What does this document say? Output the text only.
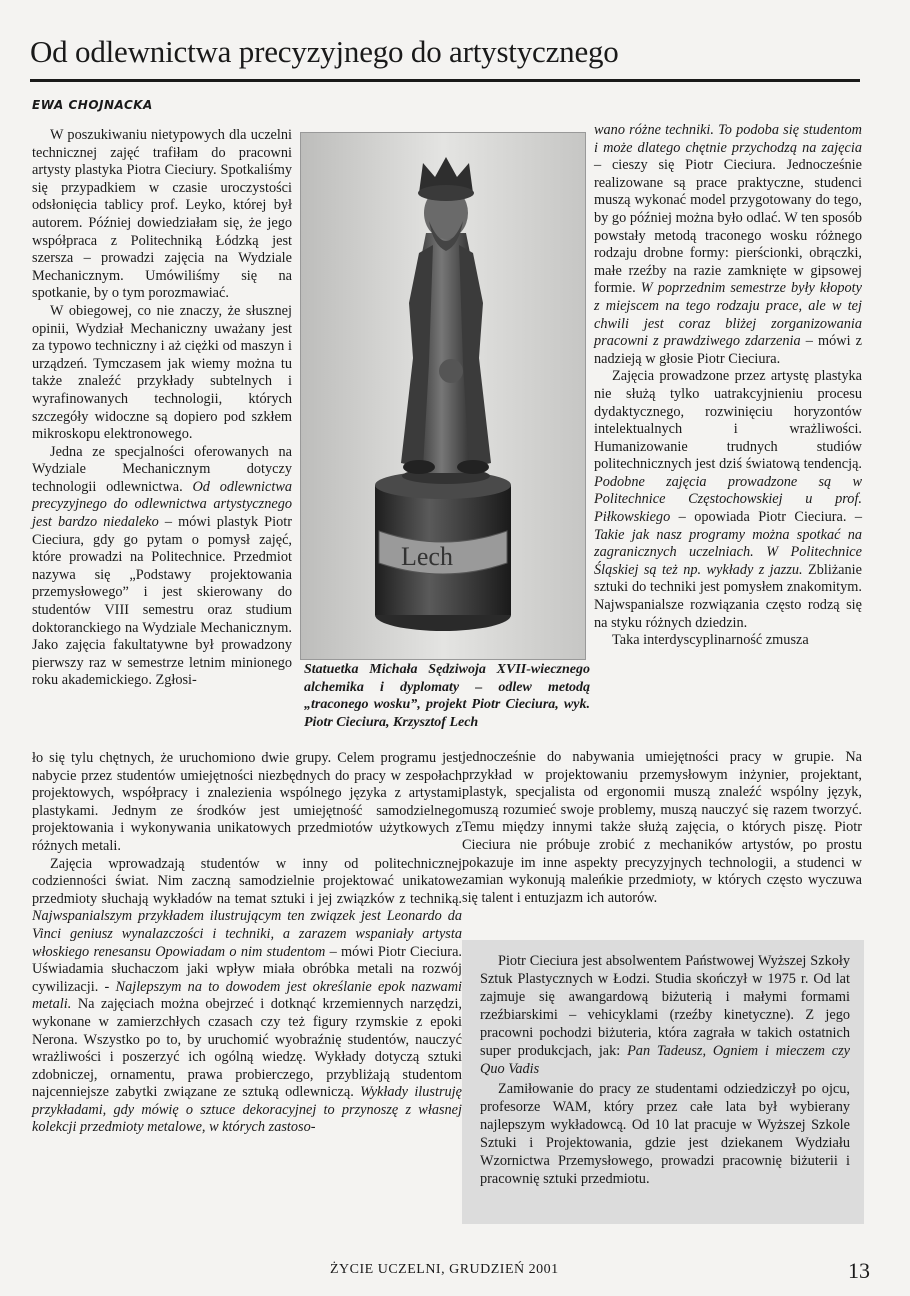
Od odlewnictwa precyzyjnego do artystycznego
EWA CHOJNACKA

W poszukiwaniu nietypowych dla uczelni technicznej zajęć trafiłam do pracowni artysty plastyka Piotra Cieciury. Spotkaliśmy się przypadkiem w czasie uroczystości odsłonięcia tablicy prof. Leyko, której był autorem. Później dowiedziałam się, że jego współpraca z Politechniką Łódzką jest szersza – prowadzi zajęcia na Wydziale Mechanicznym. Umówiliśmy się na spotkanie, by o tym porozmawiać.

W obiegowej, co nie znaczy, że słusznej opinii, Wydział Mechaniczny uważany jest za typowo techniczny i aż ciężki od maszyn i urządzeń. Tymczasem jak wiemy można tu także znaleźć przykłady subtelnych i wyrafinowanych technologii, których szczegóły widoczne są dopiero pod szkłem mikroskopu elektronowego.

Jedna ze specjalności oferowanych na Wydziale Mechanicznym dotyczy technologii odlewnictwa. Od odlewnictwa precyzyjnego do odlewnictwa artystycznego jest bardzo niedaleko – mówi plastyk Piotr Cieciura, gdy go pytam o pomysł zajęć, które prowadzi na Politechnice. Przedmiot nazywa się „Podstawy projektowania przemysłowego” i jest skierowany do studentów VIII semestru oraz studium doktoranckiego na Wydziale Mechanicznym. Jako zajęcia fakultatywne był prowadzony pierwszy raz w semestrze letnim minionego roku akademickiego. Zgłosi-

Lech
Statuetka Michała Sędziwoja XVII-wiecznego alchemika i dyplomaty – odlew metodą „traconego wosku”, projekt Piotr Cieciura, wyk. Piotr Cieciura, Krzysztof Lech

wano różne techniki. To podoba się studentom i może dlatego chętnie przychodzą na zajęcia – cieszy się Piotr Cieciura. Jednocześnie realizowane są prace praktyczne, studenci muszą wykonać model przygotowany do tego, by go później można było odlać. W ten sposób powstały metodą traconego wosku różnego rodzaju drobne formy: pierścionki, obrączki, małe rzeźby na razie zamknięte w gipsowej formie. W poprzednim semestrze były kłopoty z miejscem na tego rodzaju prace, ale w tej chwili jest coraz bliżej zorganizowania pracowni z prawdziwego zdarzenia – mówi z nadzieją w głosie Piotr Cieciura.

Zajęcia prowadzone przez artystę plastyka nie służą tylko uatrakcyjnieniu procesu dydaktycznego, rozwinięciu horyzontów intelektualnych i wrażliwości. Humanizowanie trudnych studiów politechnicznych jest dziś światową tendencją. Podobne zajęcia prowadzone są w Politechnice Częstochowskiej u prof. Piłkowskiego – opowiada Piotr Cieciura. – Takie jak nasz programy można spotkać na zagranicznych uczelniach. W Politechnice Śląskiej są też np. wykłady z jazzu. Zbliżanie sztuki do techniki jest pomysłem znakomitym. Najwspanialsze rozwiązania często rodzą się na styku różnych dziedzin.

Taka interdyscyplinarność zmusza

ło się tylu chętnych, że uruchomiono dwie grupy. Celem programu jest nabycie przez studentów umiejętności niezbędnych do pracy w zespołach projektowych, współpracy i znalezienia wspólnego języka z artystami plastykami. Jednym ze środków jest umiejętność samodzielnego projektowania i wykonywania unikatowych przedmiotów użytkowych z różnych metali.

Zajęcia wprowadzają studentów w inny od politechnicznej codzienności świat. Nim zaczną samodzielnie projektować unikatowe przedmioty słuchają wykładów na temat sztuki i jej związków z techniką. Najwspanialszym przykładem ilustrującym ten związek jest Leonardo da Vinci geniusz wynalazczości i techniki, a zarazem wspaniały artysta włoskiego renesansu Opowiadam o nim studentom – mówi Piotr Cieciura. Uświadamia słuchaczom jaki wpływ miała obróbka metali na rozwój cywilizacji. - Najlepszym na to dowodem jest określanie epok nazwami metali. Na zajęciach można obejrzeć i dotknąć krzemiennych narzędzi, wykonane w zamierzchłych czasach czy też figury rzymskie z epoki Nerona. Wszystko po to, by uruchomić wyobraźnię studentów, nauczyć wrażliwości i poszerzyć ich ogólną wiedzę. Wykłady dotyczą sztuki zdobniczej, ornamentu, prawa probierczego, przybliżają studentom najcenniejsze zabytki związane ze sztuką odlewniczą. Wykłady ilustruję przykładami, gdy mówię o sztuce dekoracyjnej to przynoszę z własnej kolekcji przedmioty metalowe, w których zastoso-

jednocześnie do nabywania umiejętności pracy w grupie. Na przykład w projektowaniu przemysłowym inżynier, projektant, plastyk, specjalista od ergonomii muszą znaleźć wspólny język, muszą rozumieć swoje problemy, muszą nauczyć się razem tworzyć. Temu między innymi także służą zajęcia, o których piszę. Piotr Cieciura nie próbuje zrobić z mechaników artystów, po prostu pokazuje im inne aspekty precyzyjnych technologii, a studenci w zamian wykonują maleńkie przedmioty, w których często wyczuwa się talent i entuzjazm ich autorów.

Piotr Cieciura jest absolwentem Państwowej Wyższej Szkoły Sztuk Plastycznych w Łodzi. Studia skończył w 1975 r. Od lat zajmuje się awangardową biżuterią i małymi formami rzeźbiarskimi – vehicyklami (rzeźby kinetyczne). Z jego pracowni pochodzi biżuteria, która zagrała w takich ostatnich super produkcjach, jak: Pan Tadeusz, Ogniem i mieczem czy Quo Vadis

Zamiłowanie do pracy ze studentami odziedziczył po ojcu, profesorze WAM, który przez całe lata był wybierany najlepszym wykładowcą. Od 10 lat pracuje w Wyższej Szkole Sztuki i Projektowania, gdzie jest dziekanem Wydziału Wzornictwa Przemysłowego, prowadzi pracownię biżuterii i pracownię sztuki przedmiotu.

ŻYCIE UCZELNI, GRUDZIEŃ 2001	13
